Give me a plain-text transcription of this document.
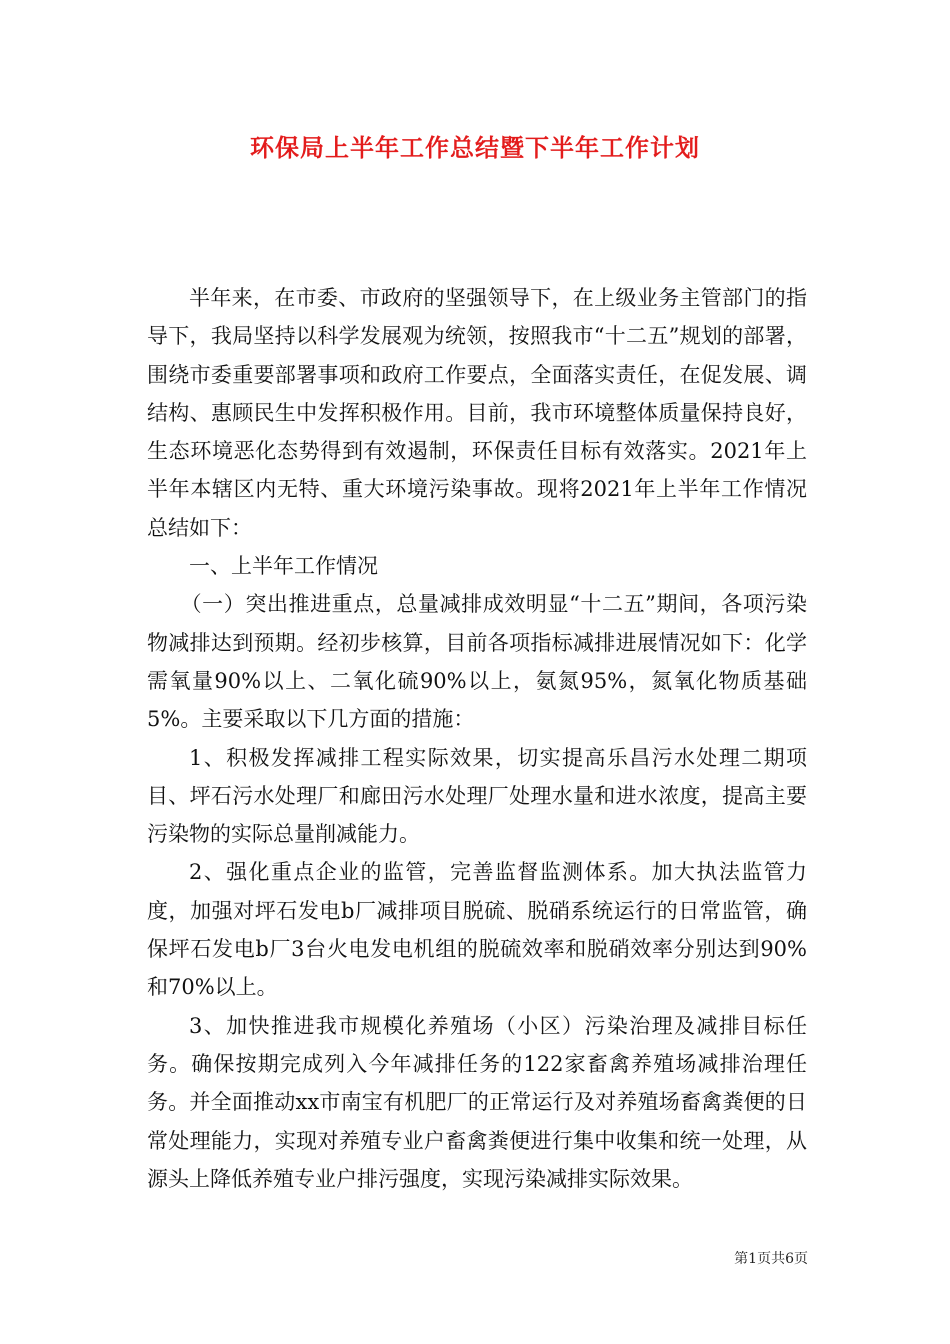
环保局上半年工作总结暨下半年工作计划

半年来，在市委、市政府的坚强领导下，在上级业务主管部门的指导下，我局坚持以科学发展观为统领，按照我市“十二五”规划的部署，围绕市委重要部署事项和政府工作要点，全面落实责任，在促发展、调结构、惠顾民生中发挥积极作用。目前，我市环境整体质量保持良好，生态环境恶化态势得到有效遏制，环保责任目标有效落实。2021年上半年本辖区内无特、重大环境污染事故。现将2021年上半年工作情况总结如下：

一、上半年工作情况

（一）突出推进重点，总量减排成效明显“十二五”期间，各项污染物减排达到预期。经初步核算，目前各项指标减排进展情况如下：化学需氧量90%以上、二氧化硫90%以上，氨氮95%，氮氧化物质基础5%。主要采取以下几方面的措施：

1、积极发挥减排工程实际效果，切实提高乐昌污水处理二期项目、坪石污水处理厂和廊田污水处理厂处理水量和进水浓度，提高主要污染物的实际总量削减能力。

2、强化重点企业的监管，完善监督监测体系。加大执法监管力度，加强对坪石发电b厂减排项目脱硫、脱硝系统运行的日常监管，确保坪石发电b厂3台火电发电机组的脱硫效率和脱硝效率分别达到90%和70%以上。

3、加快推进我市规模化养殖场（小区）污染治理及减排目标任务。确保按期完成列入今年减排任务的122家畜禽养殖场减排治理任务。并全面推动xx市南宝有机肥厂的正常运行及对养殖场畜禽粪便的日常处理能力，实现对养殖专业户畜禽粪便进行集中收集和统一处理，从源头上降低养殖专业户排污强度，实现污染减排实际效果。

第1页共6页
